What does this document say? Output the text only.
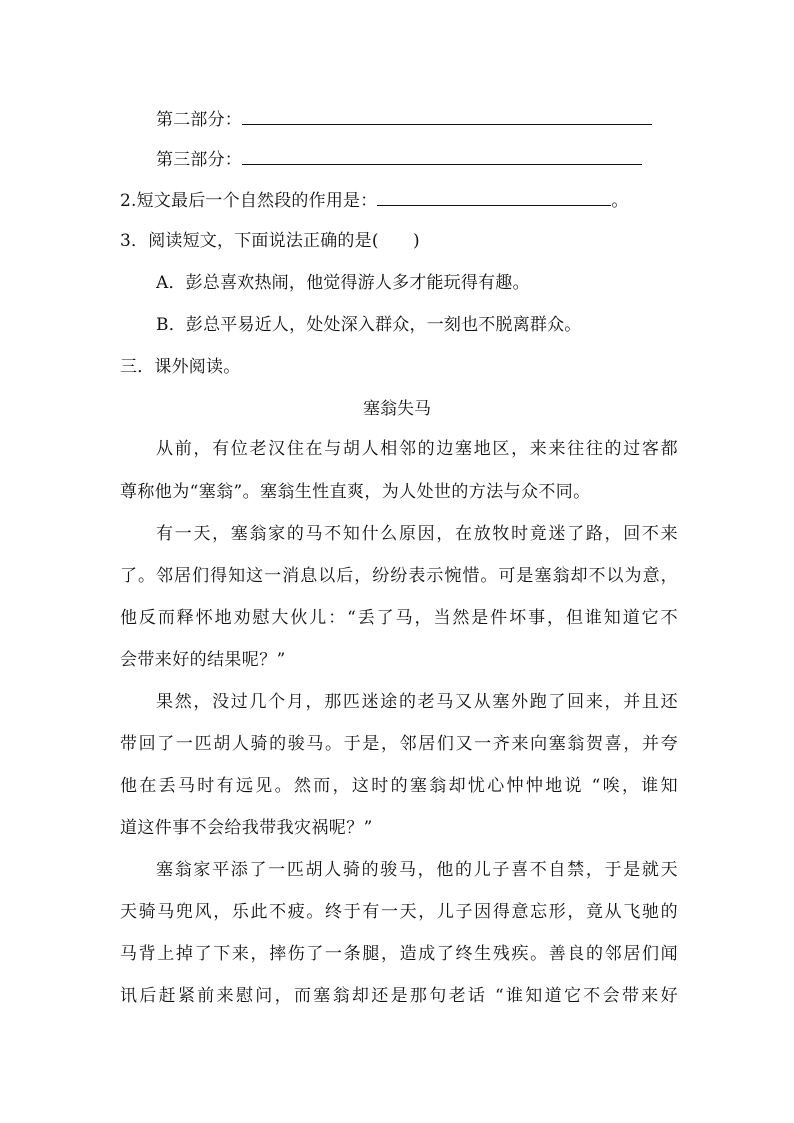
第二部分：
第三部分：
2.短文最后一个自然段的作用是：	。
3．阅读短文，下面说法正确的是(　　)
A．彭总喜欢热闹，他觉得游人多才能玩得有趣。
B．彭总平易近人，处处深入群众，一刻也不脱离群众。
三．课外阅读。
塞翁失马
从前，有位老汉住在与胡人相邻的边塞地区，来来往往的过客都
尊称他为“塞翁”。塞翁生性直爽，为人处世的方法与众不同。
有一天，塞翁家的马不知什么原因，在放牧时竟迷了路，回不来
了。邻居们得知这一消息以后，纷纷表示惋惜。可是塞翁却不以为意，
他反而释怀地劝慰大伙儿：“丢了马，当然是件坏事，但谁知道它不
会带来好的结果呢？”
果然，没过几个月，那匹迷途的老马又从塞外跑了回来，并且还
带回了一匹胡人骑的骏马。于是，邻居们又一齐来向塞翁贺喜，并夸
他在丢马时有远见。然而，这时的塞翁却忧心忡忡地说 “唉，谁知
道这件事不会给我带我灾祸呢？”
塞翁家平添了一匹胡人骑的骏马，他的儿子喜不自禁，于是就天
天骑马兜风，乐此不疲。终于有一天，儿子因得意忘形，竟从飞驰的
马背上掉了下来，摔伤了一条腿，造成了终生残疾。善良的邻居们闻
讯后赶紧前来慰问，而塞翁却还是那句老话 “谁知道它不会带来好
